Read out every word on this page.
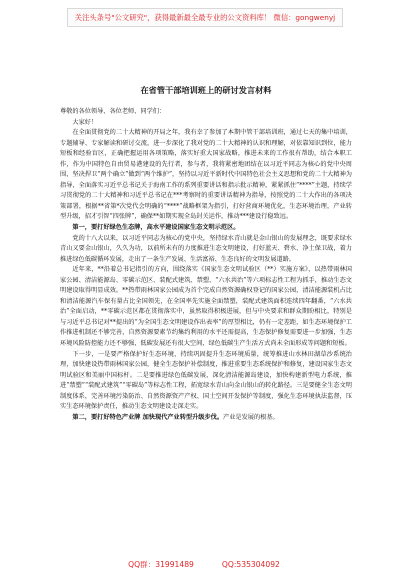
关注头条号"公文研究"，获得最新最全最专业的公文资料库！ 微信：gongwenyj
在省管干部培训班上的研讨发言材料

尊敬的各位领导、各位老师、同学们：

大家好！

在全面贯彻党的二十大精神的开局之年，我有幸了参加了本期中管干部培训班，通过七天的集中培训，专题辅导、专家解读和研讨交流，进一步深化了我对党的二十大精神的认识和理解，对依靠知识到位，能力短板和经验盲区，正确把握运用各项策略，落实好重大国家战略，推进未来的工作很有帮助，结合本职工作，作为中国特色自由贸易港建设的先行者，参与者，我将紧密地团结在以习近平同志为核心的党中央周围，坚决捍卫“两个确立”做到“两个维护”，坚持以习近平新时代中国特色社会主义思想和党的二十大精神为指导，全面落实习近平总书记关于海南工作的系列重要讲话和指示批示精神，紧紧抓住“****”主题，持续学习贯彻党的二十大精神和习近平总书记在***考察时的重要讲话精神为指导，按照党的二十大作出的各项决策部署，根据**省第*次党代会明确的“****”战略框架为指引，打好营商环境优化，生态环境治理，产业转型升级，招才引智“四张牌”，确保**如期实现全岛封关运作，推动***建设行稳致远。

第一，要打好绿色生态牌，高水平建设国家生态文明示范区。

党的十八大以来，以习近平同志为核心的党中央，坚持绿水青山就是金山银山的发展理念，既要求绿水青山又要金山银山，久久为功，以前所未有的力度推进生态文明建设，打好蓝天、碧水、净土保卫战，着力推进绿色低碳循环发展，走出了一条生产发展、生活富裕、生态良好的文明发展道路。

近年来，**沿着总书记指引的方向，围绕落实《国家生态文明试验区（**）实施方案》，以热带雨林国家公园、清洁能源岛、零碳示范区、装配式建筑、禁塑、“六水共治”等六项标志性工程为抓手，推动生态文明建设取得明显成效。**热带雨林国家公园成为首个完成自然资源确权登记的国家公园，清洁能源装机占比和清洁能源汽车保有量占比全国领先，在全国率先实施全面禁塑，装配式建筑面积连续四年翻番，“六水共治”全面启动，**零碳示范区都在贯彻落实中，虽然取得积极进展，但与中央要求和群众期盼相比，特别是与习近平总书记对**提出的“为全国生态文明建设作出表率”的厚望相比，仍有一定差距，如生态环境保护工作推进机制还不够完善，自然资源要素节约集约利用的水平还需提高，生态保护修复需要进一步加强，生态环境风险防控能力还不够强，低碳发展还有很大空间，绿色低碳生产生活方式尚未全面形成等问题和短板。

下一步，一是要严格保护好生态环境，持续巩固提升生态环境质量，统筹推进山水林田湖草沙系统治理，加快建设热带雨林国家公园，健全生态保护补偿制度，推进重要生态系统保护和修复，建设国家生态文明试验区和美丽中国标杆。二是要推进绿色低碳发展，深化清洁能源岛建设，加快构建新型电力系统，推进“禁塑”“装配式建筑”“零碳岛”等标志性工程，拓宽绿水青山向金山银山的转化路径。三是要健全生态文明制度体系，完善环境污染防治、自然资源资产产权、国土空间开发保护等制度，强化生态环境执法监督，压实生态环境保护责任，推动生态文明建设走深走实。

第二，要打好特色产业牌 加快现代产业转型升级步伐。产业是发展的根基。

QQ群：31991489	QQ:535304092
